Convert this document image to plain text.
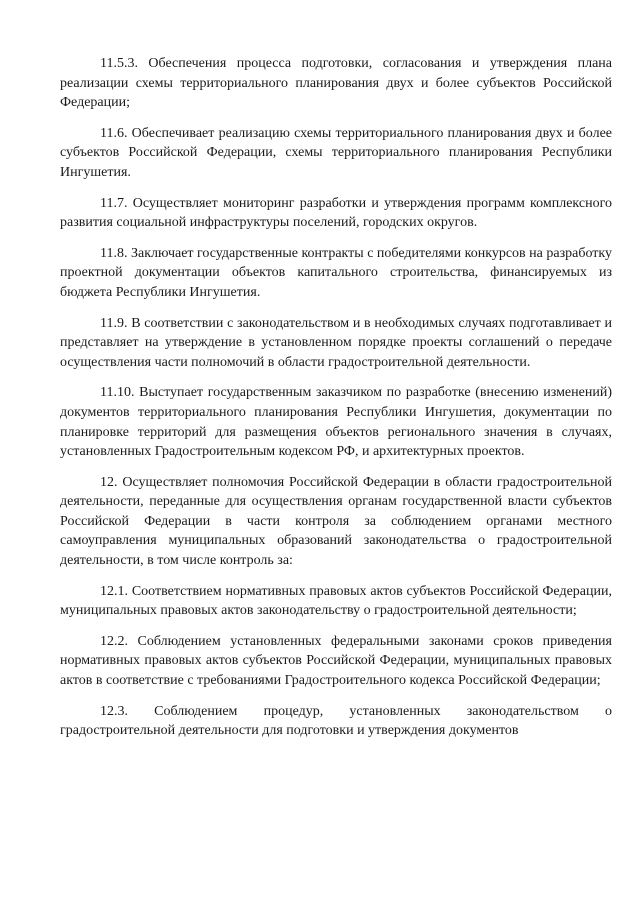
11.5.3. Обеспечения процесса подготовки, согласования и утверждения плана реализации схемы территориального планирования двух и более субъектов Российской Федерации;

11.6. Обеспечивает реализацию схемы территориального планирования двух и более субъектов Российской Федерации, схемы территориального планирования Республики Ингушетия.

11.7. Осуществляет мониторинг разработки и утверждения программ комплексного развития социальной инфраструктуры поселений, городских округов.

11.8. Заключает государственные контракты с победителями конкурсов на разработку проектной документации объектов капитального строительства, финансируемых из бюджета Республики Ингушетия.

11.9. В соответствии с законодательством и в необходимых случаях подготавливает и представляет на утверждение в установленном порядке проекты соглашений о передаче осуществления части полномочий в области градостроительной деятельности.

11.10. Выступает государственным заказчиком по разработке (внесению изменений) документов территориального планирования Республики Ингушетия, документации по планировке территорий для размещения объектов регионального значения в случаях, установленных Градостроительным кодексом РФ, и архитектурных проектов.

12. Осуществляет полномочия Российской Федерации в области градостроительной деятельности, переданные для осуществления органам государственной власти субъектов Российской Федерации в части контроля за соблюдением органами местного самоуправления муниципальных образований законодательства о градостроительной деятельности, в том числе контроль за:

12.1. Соответствием нормативных правовых актов субъектов Российской Федерации, муниципальных правовых актов законодательству о градостроительной деятельности;

12.2. Соблюдением установленных федеральными законами сроков приведения нормативных правовых актов субъектов Российской Федерации, муниципальных правовых актов в соответствие с требованиями Градостроительного кодекса Российской Федерации;

12.3. Соблюдением процедур, установленных законодательством о градостроительной деятельности для подготовки и утверждения документов
